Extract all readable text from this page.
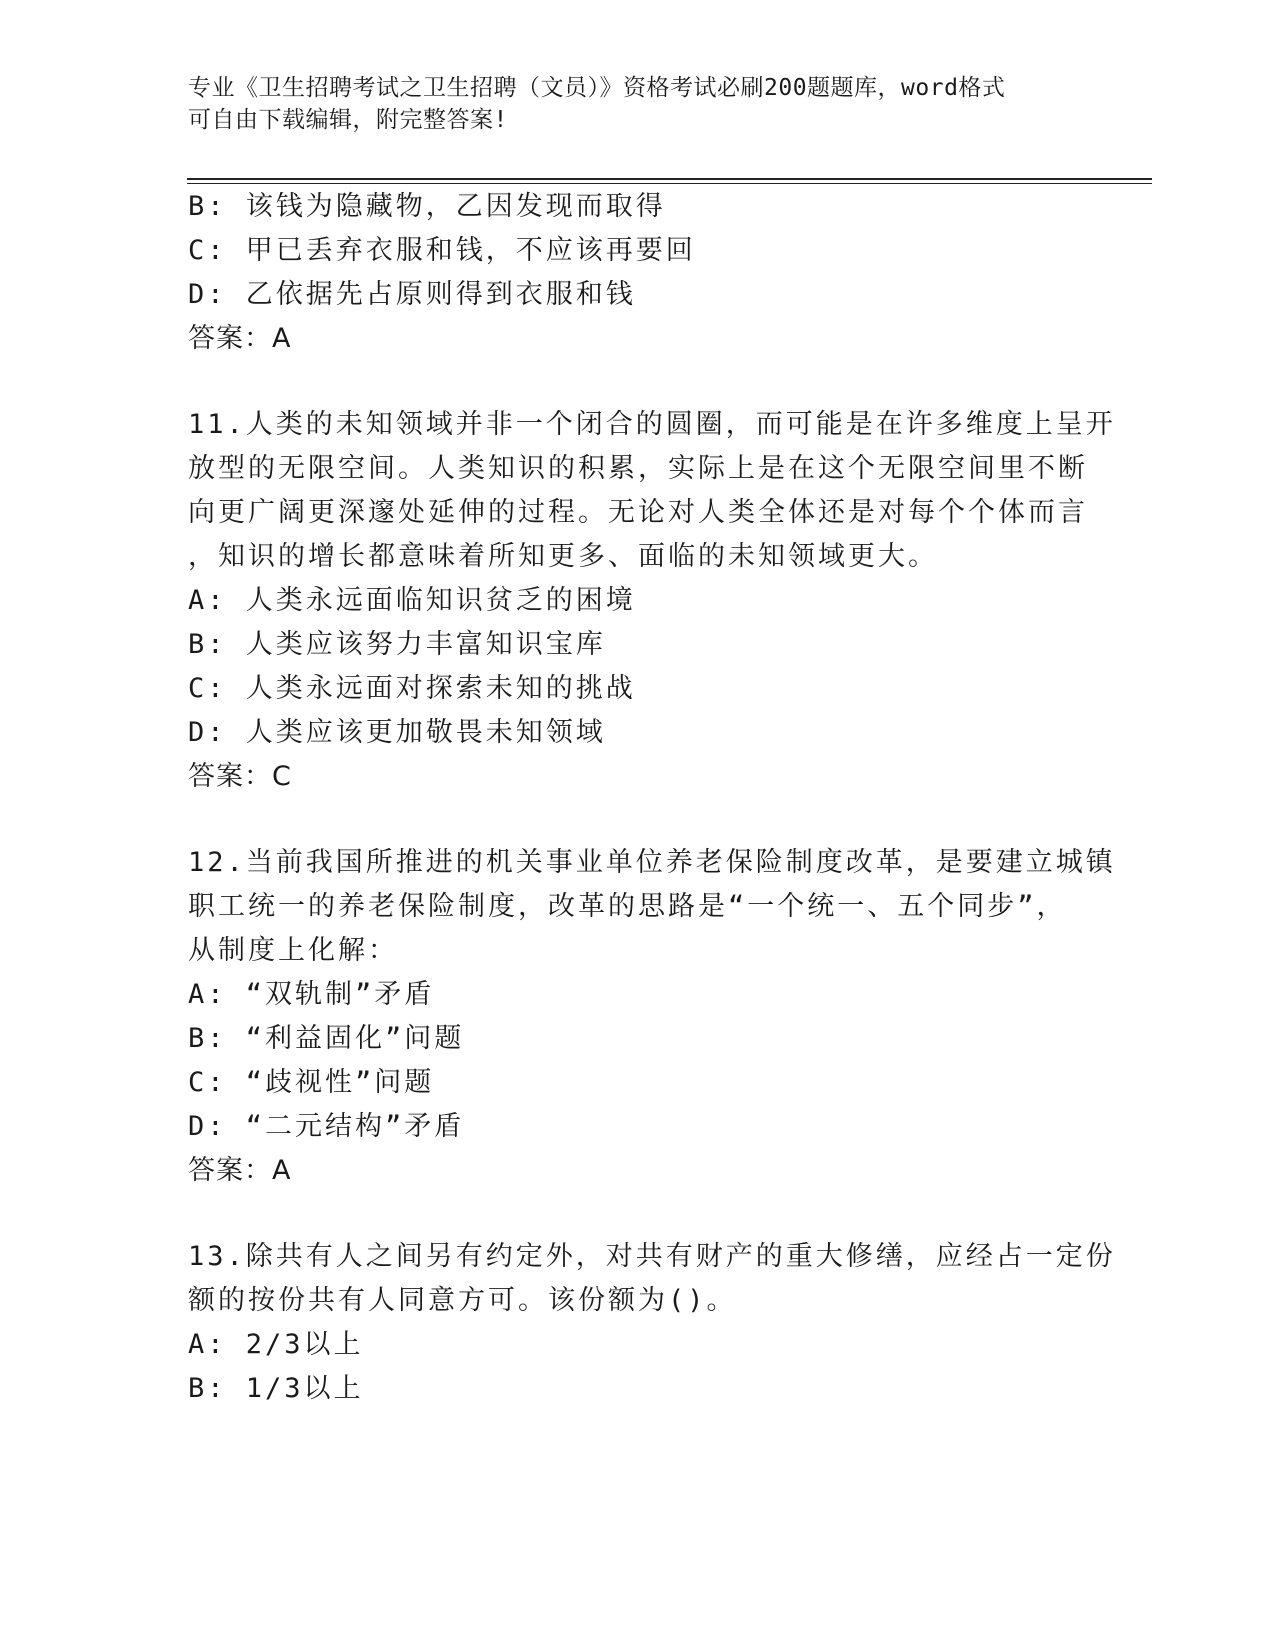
专业《卫生招聘考试之卫生招聘（文员）》资格考试必刷200题题库，word格式
可自由下载编辑，附完整答案!
B: 该钱为隐藏物，乙因发现而取得
C: 甲已丢弃衣服和钱，不应该再要回
D: 乙依据先占原则得到衣服和钱
答案：A
11.人类的未知领域并非一个闭合的圆圈，而可能是在许多维度上呈开
放型的无限空间。人类知识的积累，实际上是在这个无限空间里不断
向更广阔更深邃处延伸的过程。无论对人类全体还是对每个个体而言
，知识的增长都意味着所知更多、面临的未知领域更大。
A: 人类永远面临知识贫乏的困境
B: 人类应该努力丰富知识宝库
C: 人类永远面对探索未知的挑战
D: 人类应该更加敬畏未知领域
答案：C
12.当前我国所推进的机关事业单位养老保险制度改革，是要建立城镇
职工统一的养老保险制度，改革的思路是“一个统一、五个同步”，
从制度上化解：
A: “双轨制”矛盾
B: “利益固化”问题
C: “歧视性”问题
D: “二元结构”矛盾
答案：A
13.除共有人之间另有约定外，对共有财产的重大修缮，应经占一定份
额的按份共有人同意方可。该份额为()。
A: 2/3以上
B: 1/3以上
